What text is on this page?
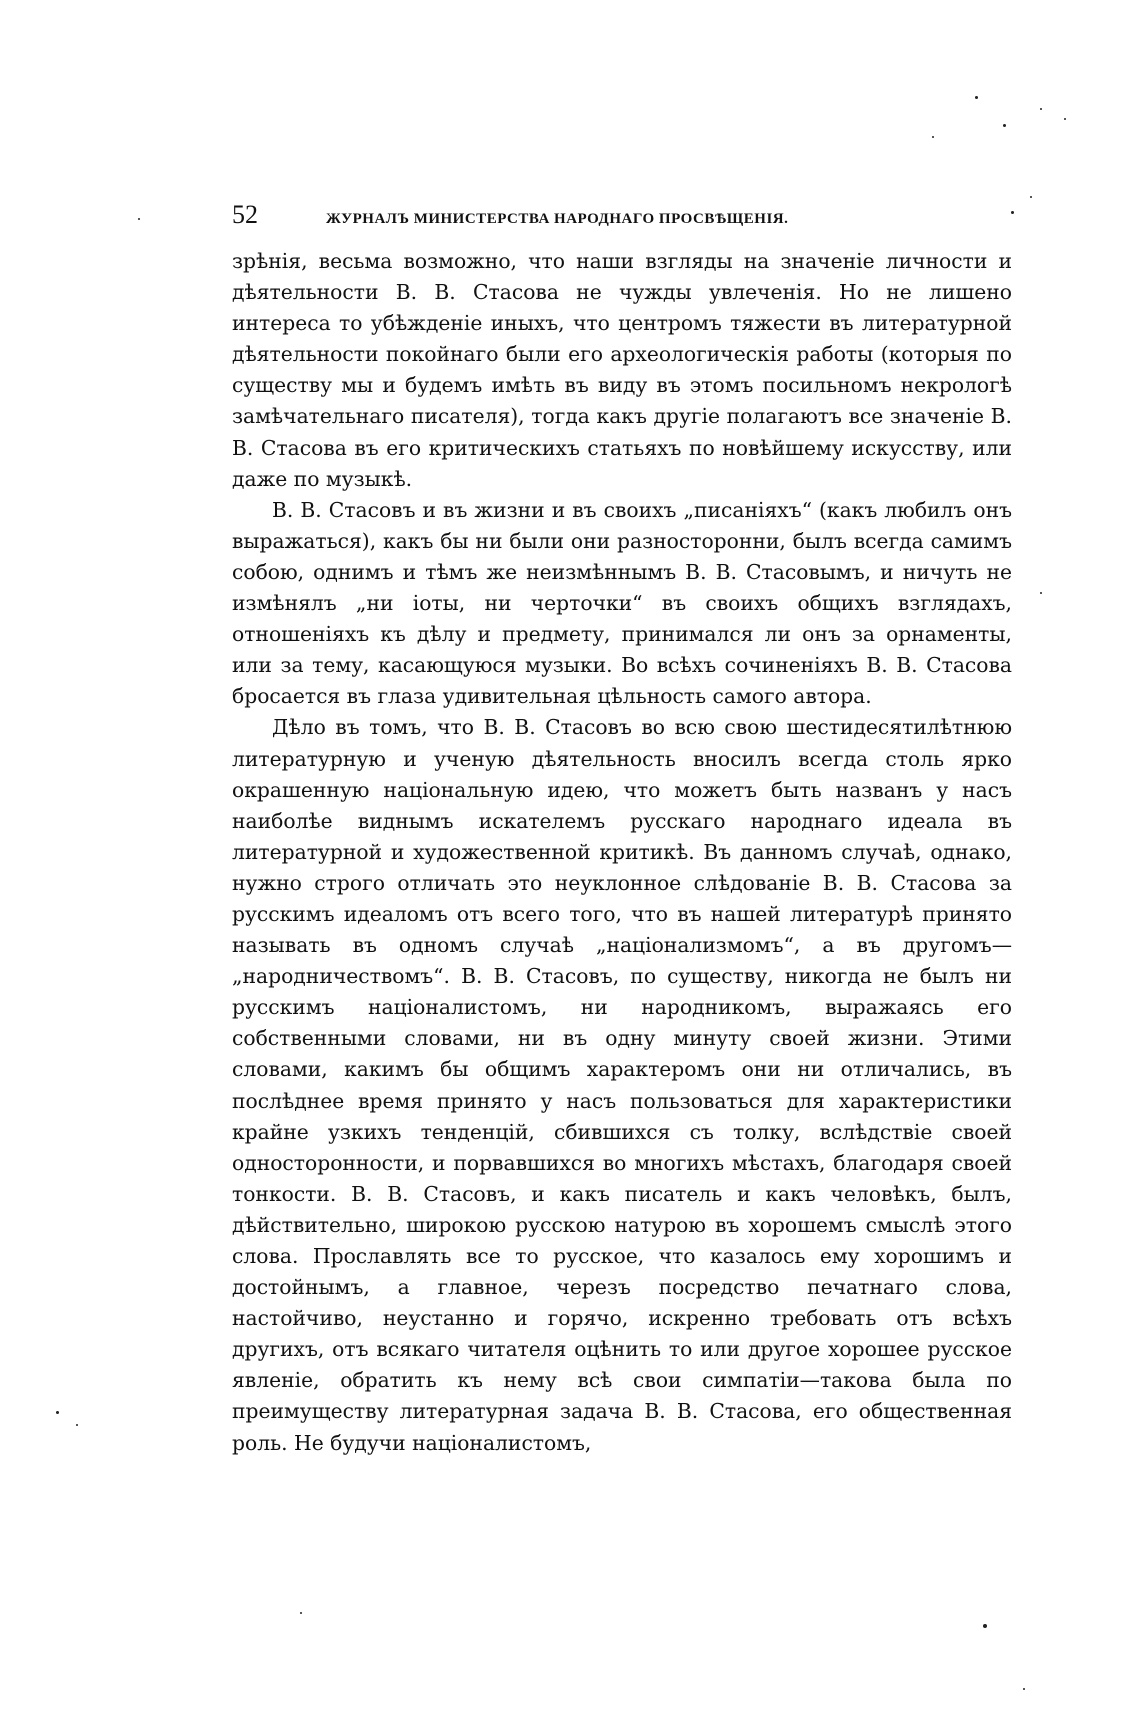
52	ЖУРНАЛЪ МИНИСТЕРСТВА НАРОДНАГО ПРОСВѢЩЕНІЯ.

зрѣнія, весьма возможно, что наши взгляды на значеніе личности и дѣятельности В. В. Стасова не чужды увлеченія. Но не лишено интереса то убѣжденіе иныхъ, что центромъ тяжести въ литературной дѣятельности покойнаго были его археологическія работы (которыя по существу мы и будемъ имѣть въ виду въ этомъ посильномъ некрологѣ замѣчательнаго писателя), тогда какъ другіе полагаютъ все значеніе В. В. Стасова въ его критическихъ статьяхъ по новѣйшему искусству, или даже по музыкѣ.

В. В. Стасовъ и въ жизни и въ своихъ „писаніяхъ“ (какъ любилъ онъ выражаться), какъ бы ни были они разносторонни, былъ всегда самимъ собою, однимъ и тѣмъ же неизмѣннымъ В. В. Стасовымъ, и ничуть не измѣнялъ „ни іоты, ни черточки“ въ своихъ общихъ взглядахъ, отношеніяхъ къ дѣлу и предмету, принимался ли онъ за орнаменты, или за тему, касающуюся музыки. Во всѣхъ сочиненіяхъ В. В. Стасова бросается въ глаза удивительная цѣльность самого автора.

Дѣло въ томъ, что В. В. Стасовъ во всю свою шестидесятилѣтнюю литературную и ученую дѣятельность вносилъ всегда столь ярко окрашенную національную идею, что можетъ быть названъ у насъ наиболѣе виднымъ искателемъ русскаго народнаго идеала въ литературной и художественной критикѣ. Въ данномъ случаѣ, однако, нужно строго отличать это неуклонное слѣдованіе В. В. Стасова за русскимъ идеаломъ отъ всего того, что въ нашей литературѣ принято называть въ одномъ случаѣ „націонализмомъ“, а въ другомъ—„народничествомъ“. В. В. Стасовъ, по существу, никогда не былъ ни русскимъ націоналистомъ, ни народникомъ, выражаясь его собственными словами, ни въ одну минуту своей жизни. Этими словами, какимъ бы общимъ характеромъ они ни отличались, въ послѣднее время принято у насъ пользоваться для характеристики крайне узкихъ тенденцій, сбившихся съ толку, вслѣдствіе своей односторонности, и порвавшихся во многихъ мѣстахъ, благодаря своей тонкости. В. В. Стасовъ, и какъ писатель и какъ человѣкъ, былъ, дѣйствительно, широкою русскою натурою въ хорошемъ смыслѣ этого слова. Прославлять все то русское, что казалось ему хорошимъ и достойнымъ, а главное, черезъ посредство печатнаго слова, настойчиво, неустанно и горячо, искренно требовать отъ всѣхъ другихъ, отъ всякаго читателя оцѣнить то или другое хорошее русское явленіе, обратить къ нему всѣ свои симпатіи—такова была по преимуществу литературная задача В. В. Стасова, его общественная роль. Не будучи націоналистомъ,
